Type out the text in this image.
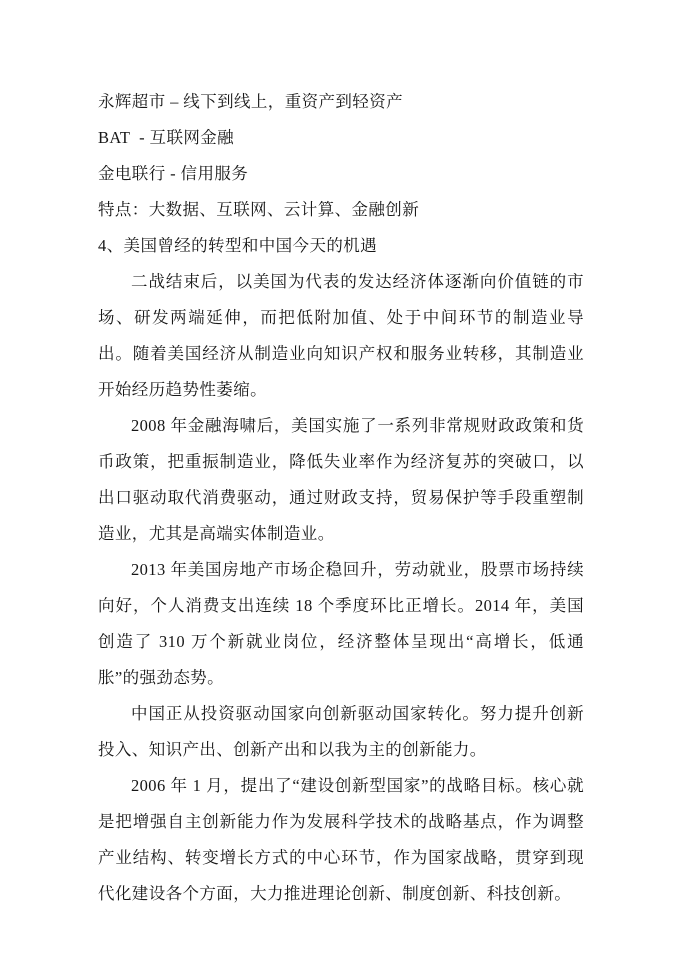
永辉超市 – 线下到线上，重资产到轻资产

BAT  - 互联网金融

金电联行 - 信用服务

特点：大数据、互联网、云计算、金融创新

4、美国曾经的转型和中国今天的机遇

二战结束后，以美国为代表的发达经济体逐渐向价值链的市场、研发两端延伸，而把低附加值、处于中间环节的制造业导出。随着美国经济从制造业向知识产权和服务业转移，其制造业开始经历趋势性萎缩。

2008 年金融海啸后，美国实施了一系列非常规财政政策和货币政策，把重振制造业，降低失业率作为经济复苏的突破口，以出口驱动取代消费驱动，通过财政支持，贸易保护等手段重塑制造业，尤其是高端实体制造业。

2013 年美国房地产市场企稳回升，劳动就业，股票市场持续向好，个人消费支出连续 18 个季度环比正增长。2014 年，美国创造了 310 万个新就业岗位，经济整体呈现出“高增长，低通胀”的强劲态势。

中国正从投资驱动国家向创新驱动国家转化。努力提升创新投入、知识产出、创新产出和以我为主的创新能力。

2006 年 1 月，提出了“建设创新型国家”的战略目标。核心就是把增强自主创新能力作为发展科学技术的战略基点，作为调整产业结构、转变增长方式的中心环节，作为国家战略，贯穿到现代化建设各个方面，大力推进理论创新、制度创新、科技创新。
